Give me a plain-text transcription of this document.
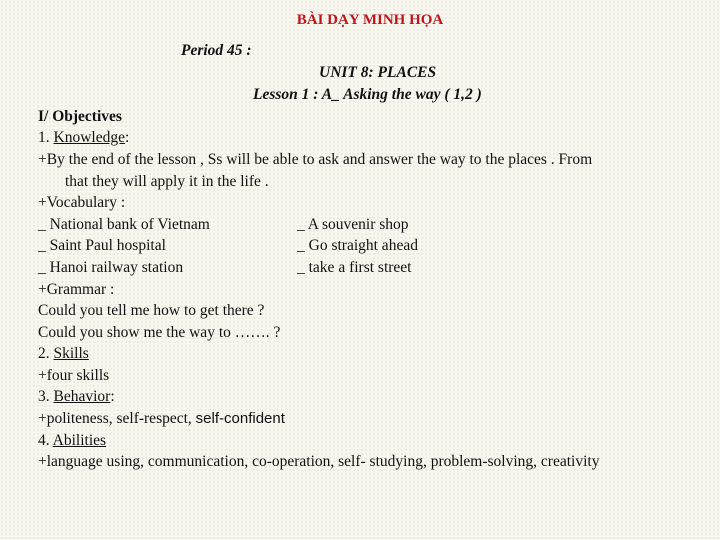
BÀI DẠY MINH HỌA
Period 45 :
UNIT 8: PLACES
Lesson 1 : A_ Asking the way ( 1,2 )
I/ Objectives
1. Knowledge:
+By the end of the lesson , Ss will be able to ask and answer the way to the places . From
that they will apply it in the life .
+Vocabulary :
_ National bank of Vietnam	_ A souvenir shop
_ Saint Paul hospital	_ Go straight ahead
_ Hanoi railway station	_ take a first street
+Grammar :
Could you tell me how to get there ?
Could you show me the way to ……. ?
2. Skills
+four skills
3. Behavior:
+politeness, self-respect, self-confident
4. Abilities
+language using, communication, co-operation, self- studying, problem-solving, creativity
